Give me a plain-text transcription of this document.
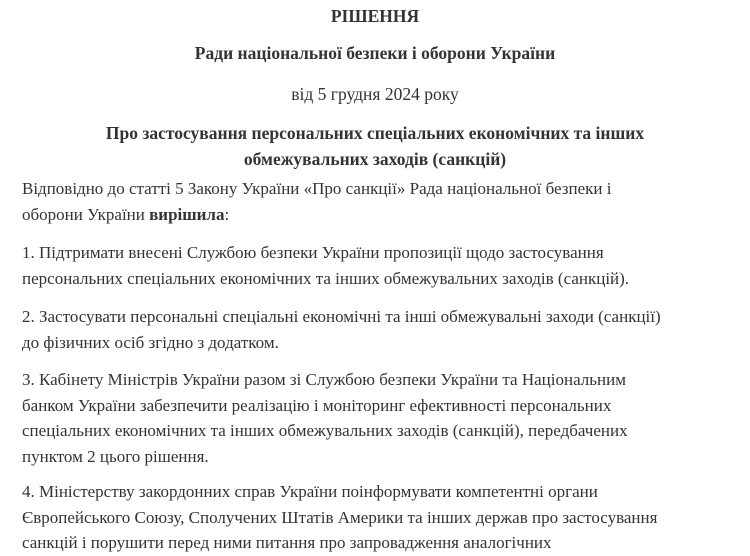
РІШЕННЯ
Ради національної безпеки і оборони України
від 5 грудня 2024 року
Про застосування персональних спеціальних економічних та інших
обмежувальних заходів (санкцій)
Відповідно до статті 5 Закону України «Про санкції» Рада національної безпеки і
оборони України вирішила:
1. Підтримати внесені Службою безпеки України пропозиції щодо застосування
персональних спеціальних економічних та інших обмежувальних заходів (санкцій).
2. Застосувати персональні спеціальні економічні та інші обмежувальні заходи (санкції)
до фізичних осіб згідно з додатком.
3. Кабінету Міністрів України разом зі Службою безпеки України та Національним
банком України забезпечити реалізацію і моніторинг ефективності персональних
спеціальних економічних та інших обмежувальних заходів (санкцій), передбачених
пунктом 2 цього рішення.
4. Міністерству закордонних справ України поінформувати компетентні органи
Європейського Союзу, Сполучених Штатів Америки та інших держав про застосування
санкцій і порушити перед ними питання про запровадження аналогічних
